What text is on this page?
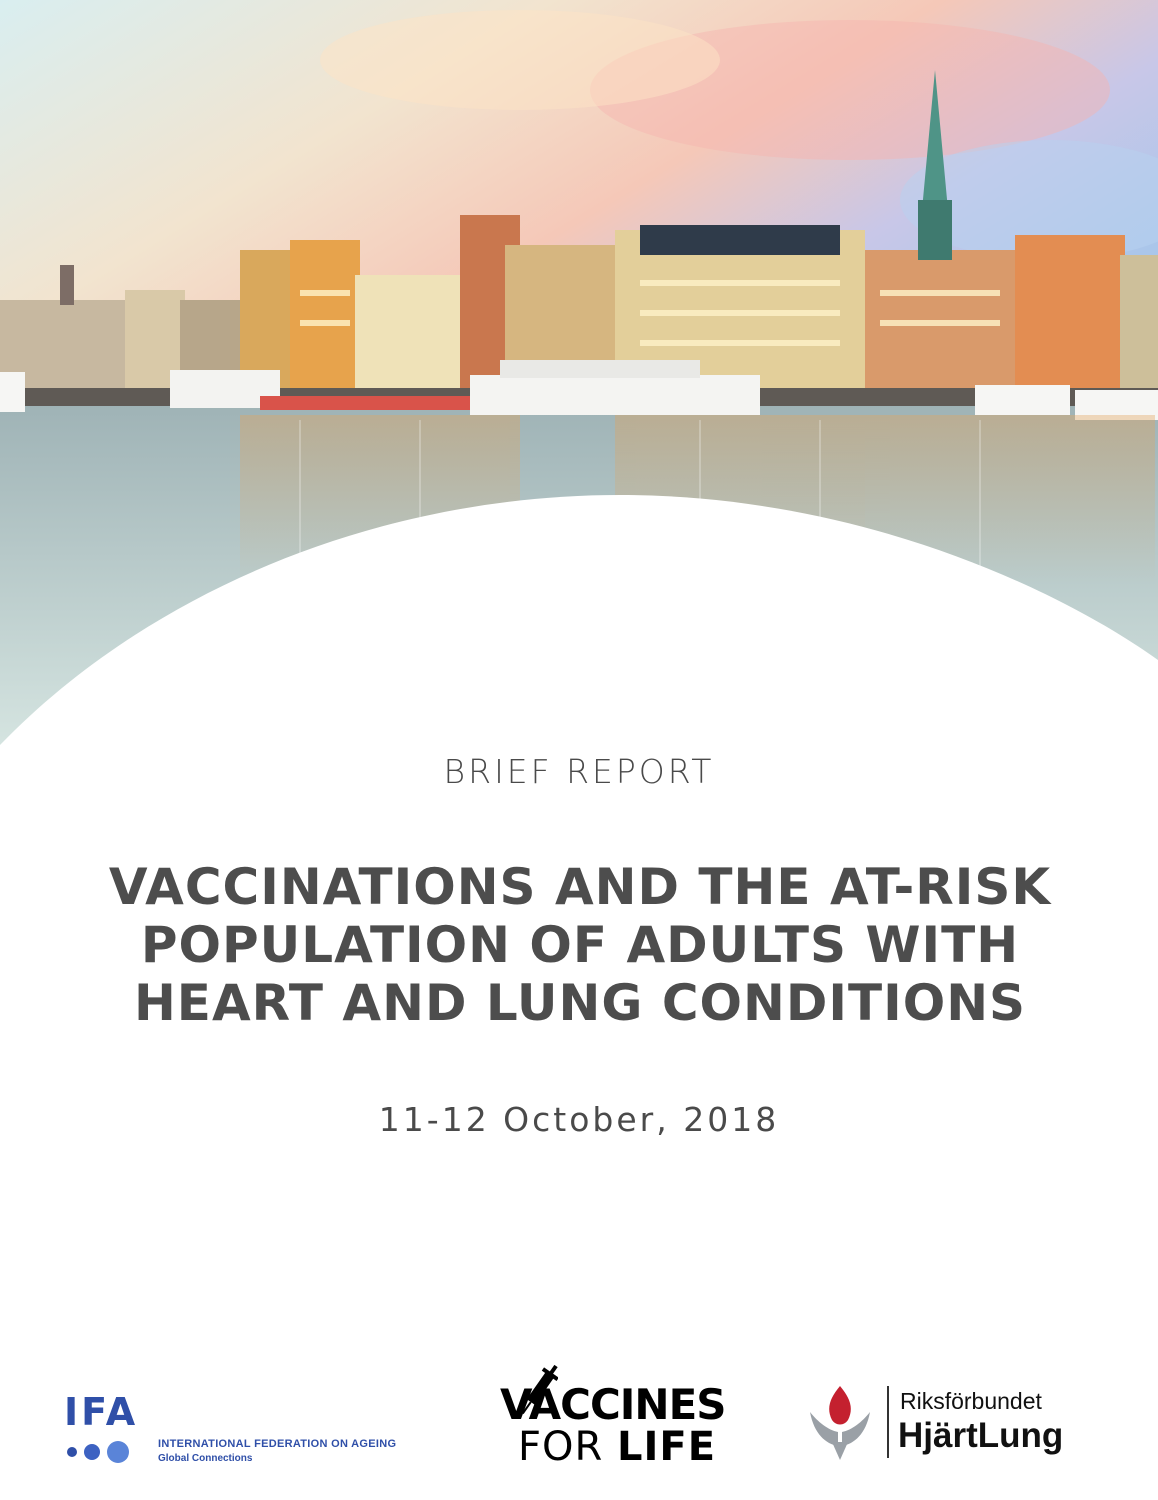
BRIEF REPORT
VACCINATIONS AND THE AT-RISK
POPULATION OF ADULTS WITH
HEART AND LUNG CONDITIONS
11-12 October, 2018
IFA
INTERNATIONAL FEDERATION ON AGEING
Global Connections
VACCINES
FOR LIFE
Riksförbundet
HjärtLung
